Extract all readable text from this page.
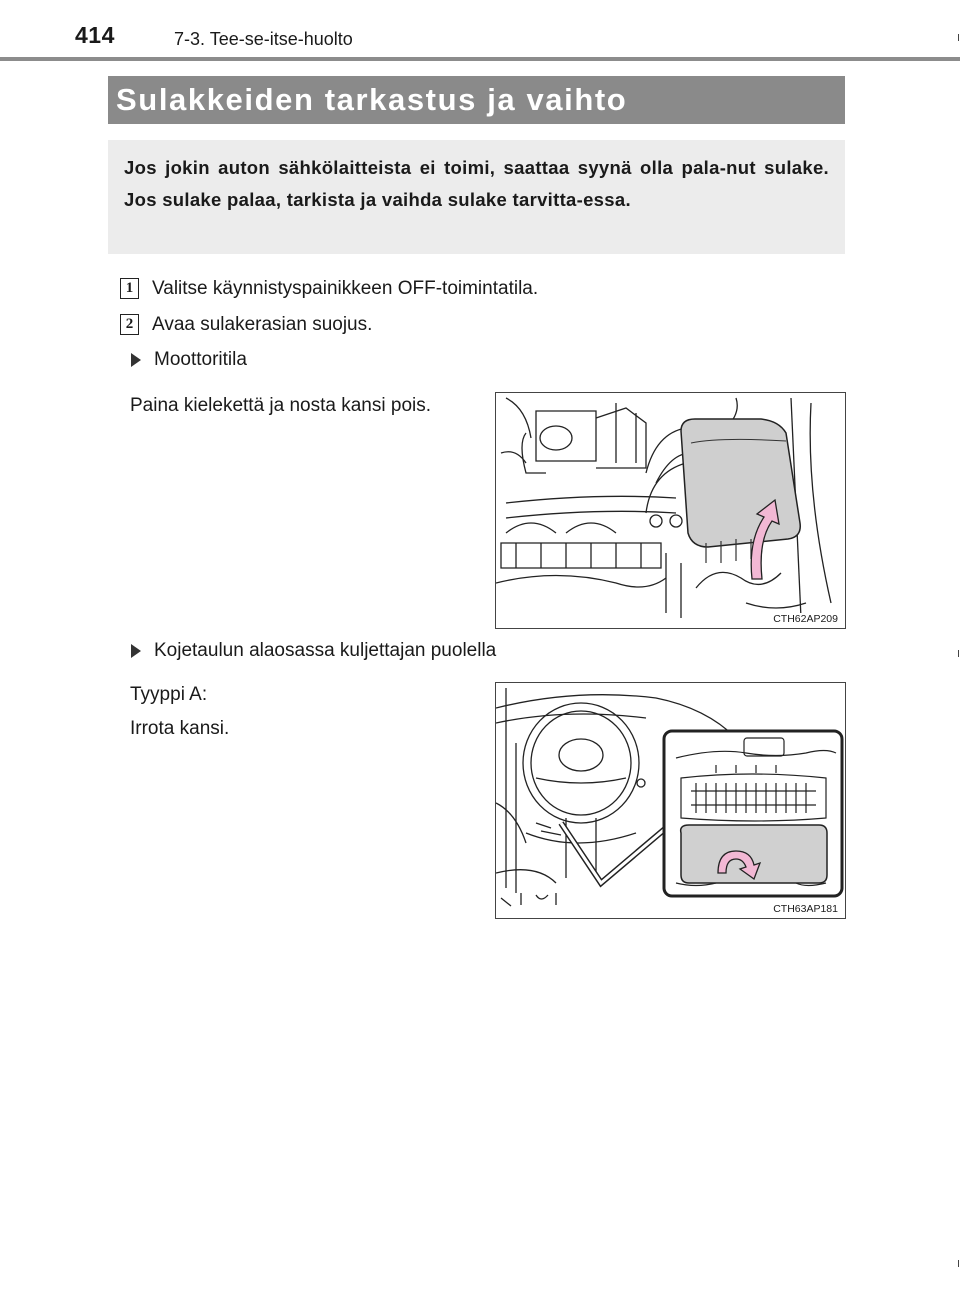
414	7-3. Tee-se-itse-huolto
Sulakkeiden tarkastus ja vaihto

Jos jokin auton sähkölaitteista ei toimi, saattaa syynä olla pala-nut sulake. Jos sulake palaa, tarkista ja vaihda sulake tarvitta-essa.

1 Valitse käynnistyspainikkeen OFF-toimintatila.
2 Avaa sulakerasian suojus.
Moottoritila
Paina kielekettä ja nosta kansi pois.
CTH62AP209
Kojetaulun alaosassa kuljettajan puolella
Tyyppi A:
Irrota kansi.
CTH63AP181
